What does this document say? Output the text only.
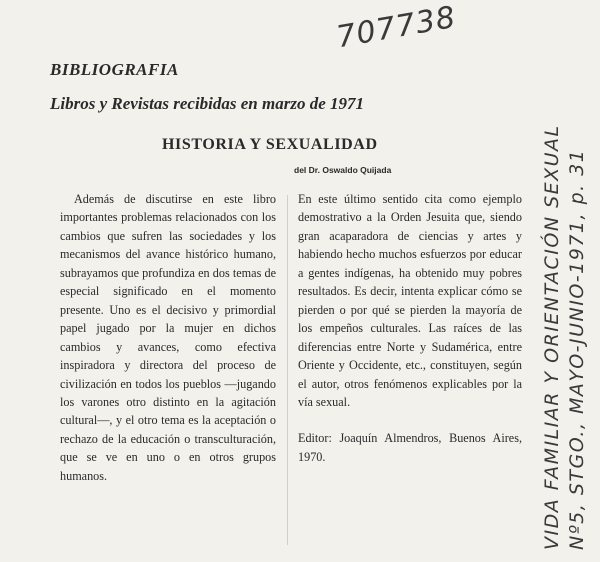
707738
BIBLIOGRAFIA
Libros y Revistas recibidas en marzo de 1971
HISTORIA Y SEXUALIDAD
del Dr. Oswaldo Quijada
Además de discutirse en este libro importantes problemas relacionados con los cambios que sufren las sociedades y los mecanismos del avance histórico humano, subrayamos que profundiza en dos temas de especial significado en el momento presente. Uno es el decisivo y primordial papel jugado por la mujer en dichos cambios y avances, como efectiva inspiradora y directora del proceso de civilización en todos los pueblos —jugando los varones otro distinto en la agitación cultural—, y el otro tema es la aceptación o rechazo de la educación o transculturación, que se ve en uno o en otros grupos humanos.
En este último sentido cita como ejemplo demostrativo a la Orden Jesuita que, siendo gran acaparadora de ciencias y artes y habiendo hecho muchos esfuerzos por educar a gentes indígenas, ha obtenido muy pobres resultados. Es decir, intenta explicar cómo se pierden o por qué se pierden la mayoría de los empeños culturales. Las raíces de las diferencias entre Norte y Sudamérica, entre Oriente y Occidente, etc., constituyen, según el autor, otros fenómenos explicables por la vía sexual.
Editor: Joaquín Almendros, Buenos Aires, 1970.	VIDA FAMILIAR Y ORIENTACIÓN SEXUAL Nº5, STGO., MAYO-JUNIO-1971, p. 31
